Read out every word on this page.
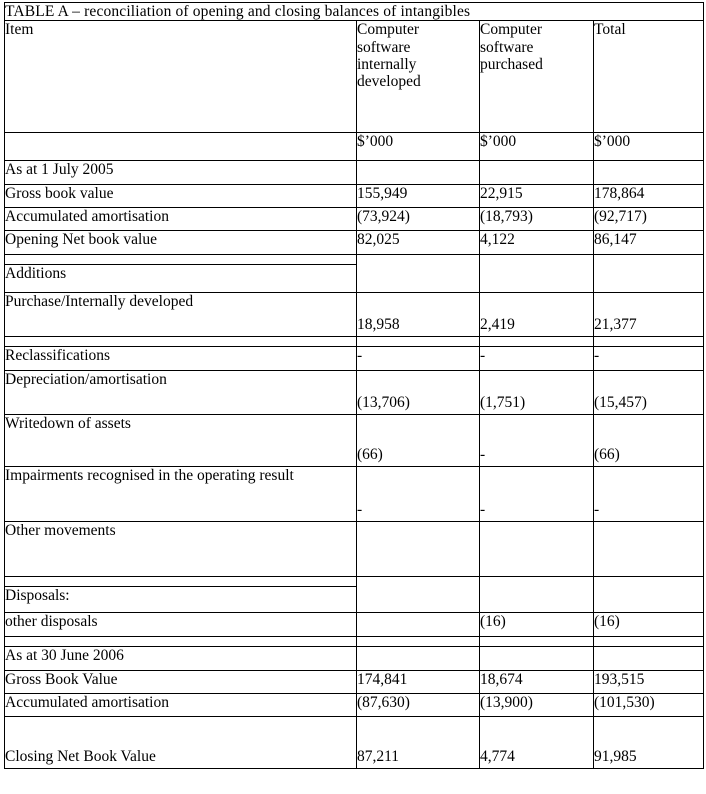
TABLE A – reconciliation of opening and closing balances of intangibles			
Item	Computer software internally developed	Computer software purchased	Total

	$’000	$’000	$’000
As at 1 July 2005			
Gross book value	155,949	22,915	178,864
Accumulated amortisation	(73,924)	(18,793)	(92,717)
Opening Net book value	82,025	4,122	86,147

Additions			
Purchase/Internally developed	18,958	2,419	21,377

Reclassifications	-	-	-
Depreciation/amortisation	(13,706)	(1,751)	(15,457)
Writedown of assets	(66)	-	(66)
Impairments recognised in the operating result	-	-	-
Other movements			

Disposals:			
other disposals		(16)	(16)

As at 30 June 2006			
Gross Book Value	174,841	18,674	193,515
Accumulated amortisation	(87,630)	(13,900)	(101,530)
Closing Net Book Value	87,211	4,774	91,985
